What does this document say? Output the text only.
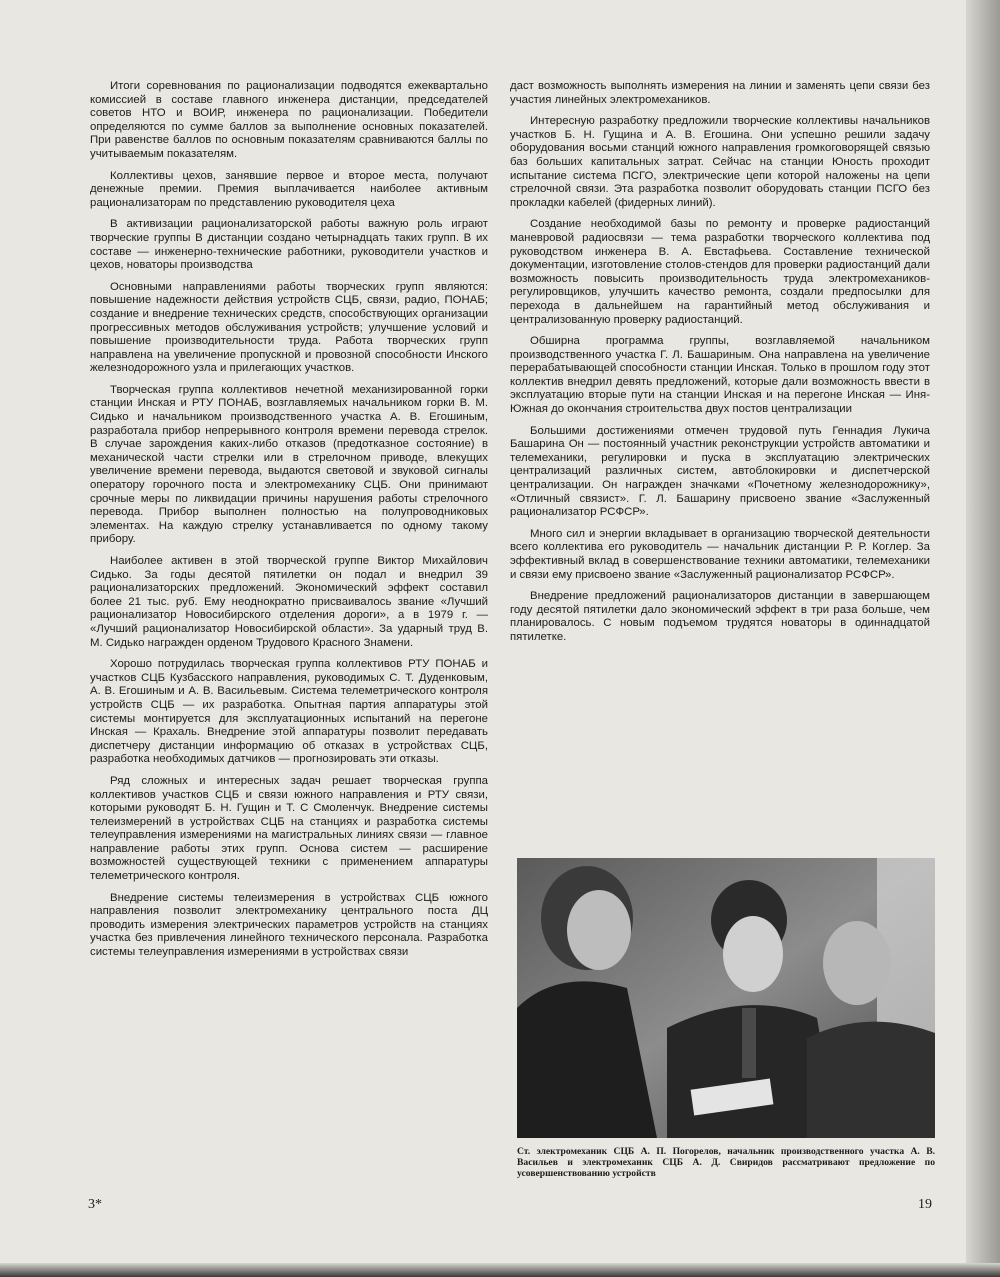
Итоги соревнования по рационализации подводятся ежеквартально комиссией в составе главного инженера дистанции, председателей советов НТО и ВОИР, инженера по рационализации. Победители определяются по сумме баллов за выполнение основных показателей. При равенстве баллов по основным показателям сравниваются баллы по учитываемым показателям.

Коллективы цехов, занявшие первое и второе места, получают денежные премии. Премия выплачивается наиболее активным рационализаторам по представлению руководителя цеха

В активизации рационализаторской работы важную роль играют творческие группы В дистанции создано четырнадцать таких групп. В их составе — инженерно-технические работники, руководители участков и цехов, новаторы производства

Основными направлениями работы творческих групп являются: повышение надежности действия устройств СЦБ, связи, радио, ПОНАБ; создание и внедрение технических средств, способствующих организации прогрессивных методов обслуживания устройств; улучшение условий и повышение производительности труда. Работа творческих групп направлена на увеличение пропускной и провозной способности Инского железнодорожного узла и прилегающих участков.

Творческая группа коллективов нечетной механизированной горки станции Инская и РТУ ПОНАБ, возглавляемых начальником горки В. М. Сидько и начальником производственного участка А. В. Егошиным, разработала прибор непрерывного контроля времени перевода стрелок. В случае зарождения каких-либо отказов (предотказное состояние) в механической части стрелки или в стрелочном приводе, влекущих увеличение времени перевода, выдаются световой и звуковой сигналы оператору горочного поста и электромеханику СЦБ. Они принимают срочные меры по ликвидации причины нарушения работы стрелочного перевода. Прибор выполнен полностью на полупроводниковых элементах. На каждую стрелку устанавливается по одному такому прибору.

Наиболее активен в этой творческой группе Виктор Михайлович Сидько. За годы десятой пятилетки он подал и внедрил 39 рационализаторских предложений. Экономический эффект составил более 21 тыс. руб. Ему неоднократно присваивалось звание «Лучший рационализатор Новосибирского отделения дороги», а в 1979 г. — «Лучший рационализатор Новосибирской области». За ударный труд В. М. Сидько награжден орденом Трудового Красного Знамени.

Хорошо потрудилась творческая группа коллективов РТУ ПОНАБ и участков СЦБ Кузбасского направления, руководимых С. Т. Дуденковым, А. В. Егошиным и А. В. Васильевым. Система телеметрического контроля устройств СЦБ — их разработка. Опытная партия аппаратуры этой системы монтируется для эксплуатационных испытаний на перегоне Инская — Крахаль. Внедрение этой аппаратуры позволит передавать диспетчеру дистанции информацию об отказах в устройствах СЦБ, разработка необходимых датчиков — прогнозировать эти отказы.

Ряд сложных и интересных задач решает творческая группа коллективов участков СЦБ и связи южного направления и РТУ связи, которыми руководят Б. Н. Гущин и Т. С Смоленчук. Внедрение системы телеизмерений в устройствах СЦБ на станциях и разработка системы телеуправления измерениями на магистральных линиях связи — главное направление работы этих групп. Основа систем — расширение возможностей существующей техники с применением аппаратуры телеметрического контроля.

Внедрение системы телеизмерения в устройствах СЦБ южного направления позволит электромеханику центрального поста ДЦ проводить измерения электрических параметров устройств на станциях участка без привлечения линейного технического персонала. Разработка системы телеуправления измерениями в устройствах связи

даст возможность выполнять измерения на линии и заменять цепи связи без участия линейных электромехаников.

Интересную разработку предложили творческие коллективы начальников участков Б. Н. Гущина и А. В. Егошина. Они успешно решили задачу оборудования восьми станций южного направления громкоговорящей связью баз больших капитальных затрат. Сейчас на станции Юность проходит испытание система ПСГО, электрические цепи которой наложены на цепи стрелочной связи. Эта разработка позволит оборудовать станции ПСГО без прокладки кабелей (фидерных линий).

Создание необходимой базы по ремонту и проверке радиостанций маневровой радиосвязи — тема разработки творческого коллектива под руководством инженера В. А. Евстафьева. Составление технической документации, изготовление столов-стендов для проверки радиостанций дали возможность повысить производительность труда электромехаников-регулировщиков, улучшить качество ремонта, создали предпосылки для перехода в дальнейшем на гарантийный метод обслуживания и централизованную проверку радиостанций.

Обширна программа группы, возглавляемой начальником производственного участка Г. Л. Башариным. Она направлена на увеличение перерабатывающей способности станции Инская. Только в прошлом году этот коллектив внедрил девять предложений, которые дали возможность ввести в эксплуатацию вторые пути на станции Инская и на перегоне Инская — Иня-Южная до окончания строительства двух постов централизации

Большими достижениями отмечен трудовой путь Геннадия Лукича Башарина Он — постоянный участник реконструкции устройств автоматики и телемеханики, регулировки и пуска в эксплуатацию электрических централизаций различных систем, автоблокировки и диспетчерской централизации. Он награжден значками «Почетному железнодорожнику», «Отличный связист». Г. Л. Башарину присвоено звание «Заслуженный рационализатор РСФСР».

Много сил и энергии вкладывает в организацию творческой деятельности всего коллектива его руководитель — начальник дистанции Р. Р. Коглер. За эффективный вклад в совершенствование техники автоматики, телемеханики и связи ему присвоено звание «Заслуженный рационализатор РСФСР».

Внедрение предложений рационализаторов дистанции в завершающем году десятой пятилетки дало экономический эффект в три раза больше, чем планировалось. С новым подъемом трудятся новаторы в одиннадцатой пятилетке.

Ст. электромеханик СЦБ А. П. Погорелов, начальник производственного участка А. В. Васильев и электромеханик СЦБ А. Д. Свиридов рассматривают предложение по усовершенствованию устройств
3*	19
